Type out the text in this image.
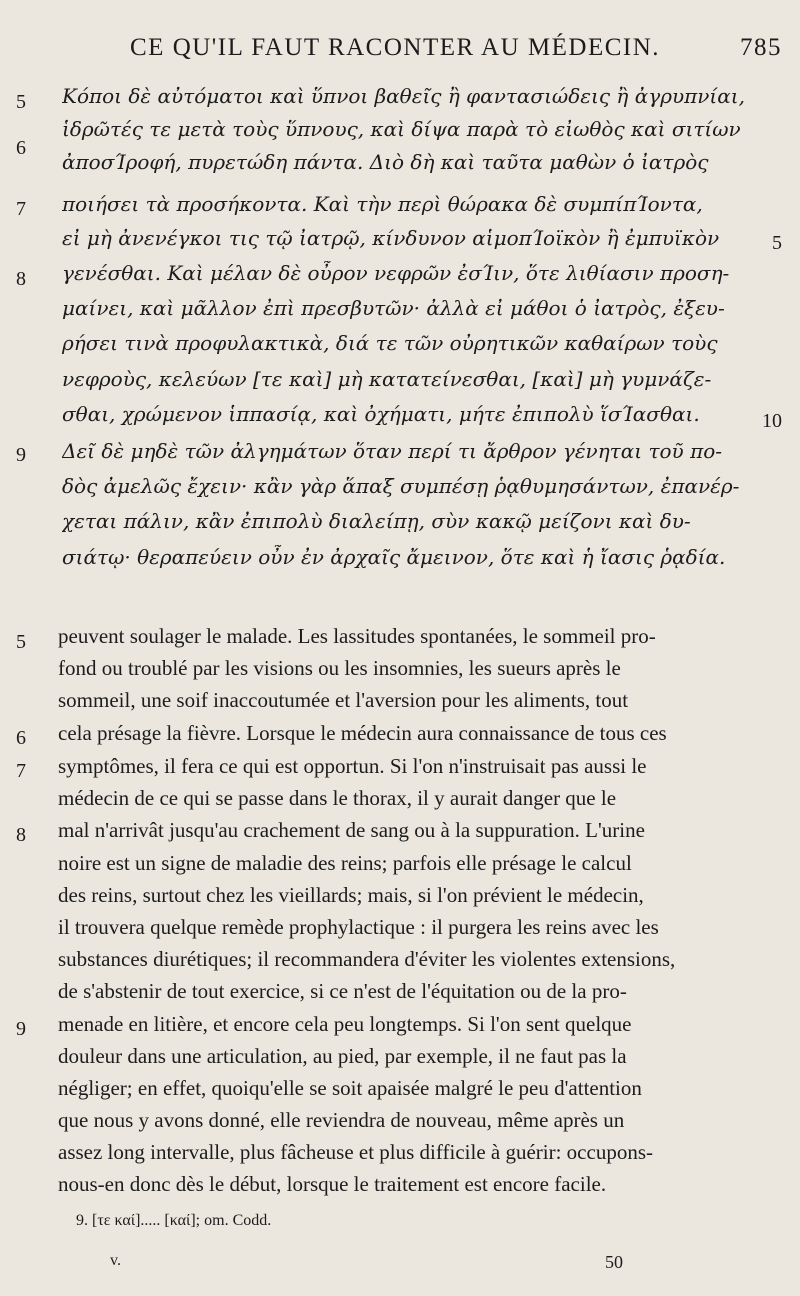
CE QU'IL FAUT RACONTER AU MÉDECIN.	785
Κόποι δὲ αὐτόματοι καὶ ὕπνοι βαθεῖς ἢ φαντασιώδεις ἢ ἀγρυπνίαι,
ἱδρῶτές τε μετὰ τοὺς ὕπνους, καὶ δίψα παρὰ τὸ εἰωθὸς καὶ σιτίων
ἀποσΊροφή, πυρετώδη πάντα. Διὸ δὴ καὶ ταῦτα μαθὼν ὁ ἰατρὸς
ποιήσει τὰ προσήκοντα. Καὶ τὴν περὶ θώρακα δὲ συμπίπΊοντα,
εἰ μὴ ἀνενέγκοι τις τῷ ἰατρῷ, κίνδυνον αἱμοπΊοϊκὸν ἢ ἐμπυϊκὸν
γενέσθαι. Καὶ μέλαν δὲ οὖρον νεφρῶν ἐσΊιν, ὅτε λιθίασιν προση-
μαίνει, καὶ μᾶλλον ἐπὶ πρεσβυτῶν· ἀλλὰ εἰ μάθοι ὁ ἰατρὸς, ἐξευ-
ρήσει τινὰ προφυλακτικὰ, διά τε τῶν οὐρητικῶν καθαίρων τοὺς
νεφροὺς, κελεύων [τε καὶ] μὴ κατατείνεσθαι, [καὶ] μὴ γυμνάζε-
σθαι, χρώμενον ἱππασίᾳ, καὶ ὀχήματι, μήτε ἐπιπολὺ ἵσΊασθαι.
Δεῖ δὲ μηδὲ τῶν ἀλγημάτων ὅταν περί τι ἄρθρον γένηται τοῦ πο-
δὸς ἀμελῶς ἔχειν· κἂν γὰρ ἅπαξ συμπέσῃ ῥᾳθυμησάντων, ἐπανέρ-
χεται πάλιν, κἂν ἐπιπολὺ διαλείπῃ, σὺν κακῷ μείζονι καὶ δυ-
σιάτῳ· θεραπεύειν οὖν ἐν ἀρχαῖς ἄμεινον, ὅτε καὶ ἡ ἴασις ῥᾳδία.
5
6
7
8
9
5
10
peuvent soulager le malade. Les lassitudes spontanées, le sommeil pro-
fond ou troublé par les visions ou les insomnies, les sueurs après le
sommeil, une soif inaccoutumée et l'aversion pour les aliments, tout
cela présage la fièvre. Lorsque le médecin aura connaissance de tous ces
symptômes, il fera ce qui est opportun. Si l'on n'instruisait pas aussi le
médecin de ce qui se passe dans le thorax, il y aurait danger que le
mal n'arrivât jusqu'au crachement de sang ou à la suppuration. L'urine
noire est un signe de maladie des reins; parfois elle présage le calcul
des reins, surtout chez les vieillards; mais, si l'on prévient le médecin,
il trouvera quelque remède prophylactique : il purgera les reins avec les
substances diurétiques; il recommandera d'éviter les violentes extensions,
de s'abstenir de tout exercice, si ce n'est de l'équitation ou de la pro-
menade en litière, et encore cela peu longtemps. Si l'on sent quelque
douleur dans une articulation, au pied, par exemple, il ne faut pas la
négliger; en effet, quoiqu'elle se soit apaisée malgré le peu d'attention
que nous y avons donné, elle reviendra de nouveau, même après un
assez long intervalle, plus fâcheuse et plus difficile à guérir: occupons-
nous-en donc dès le début, lorsque le traitement est encore facile.
5
6
7
8
9
9. [τε καί]..... [καί]; om. Codd.
v.	50
